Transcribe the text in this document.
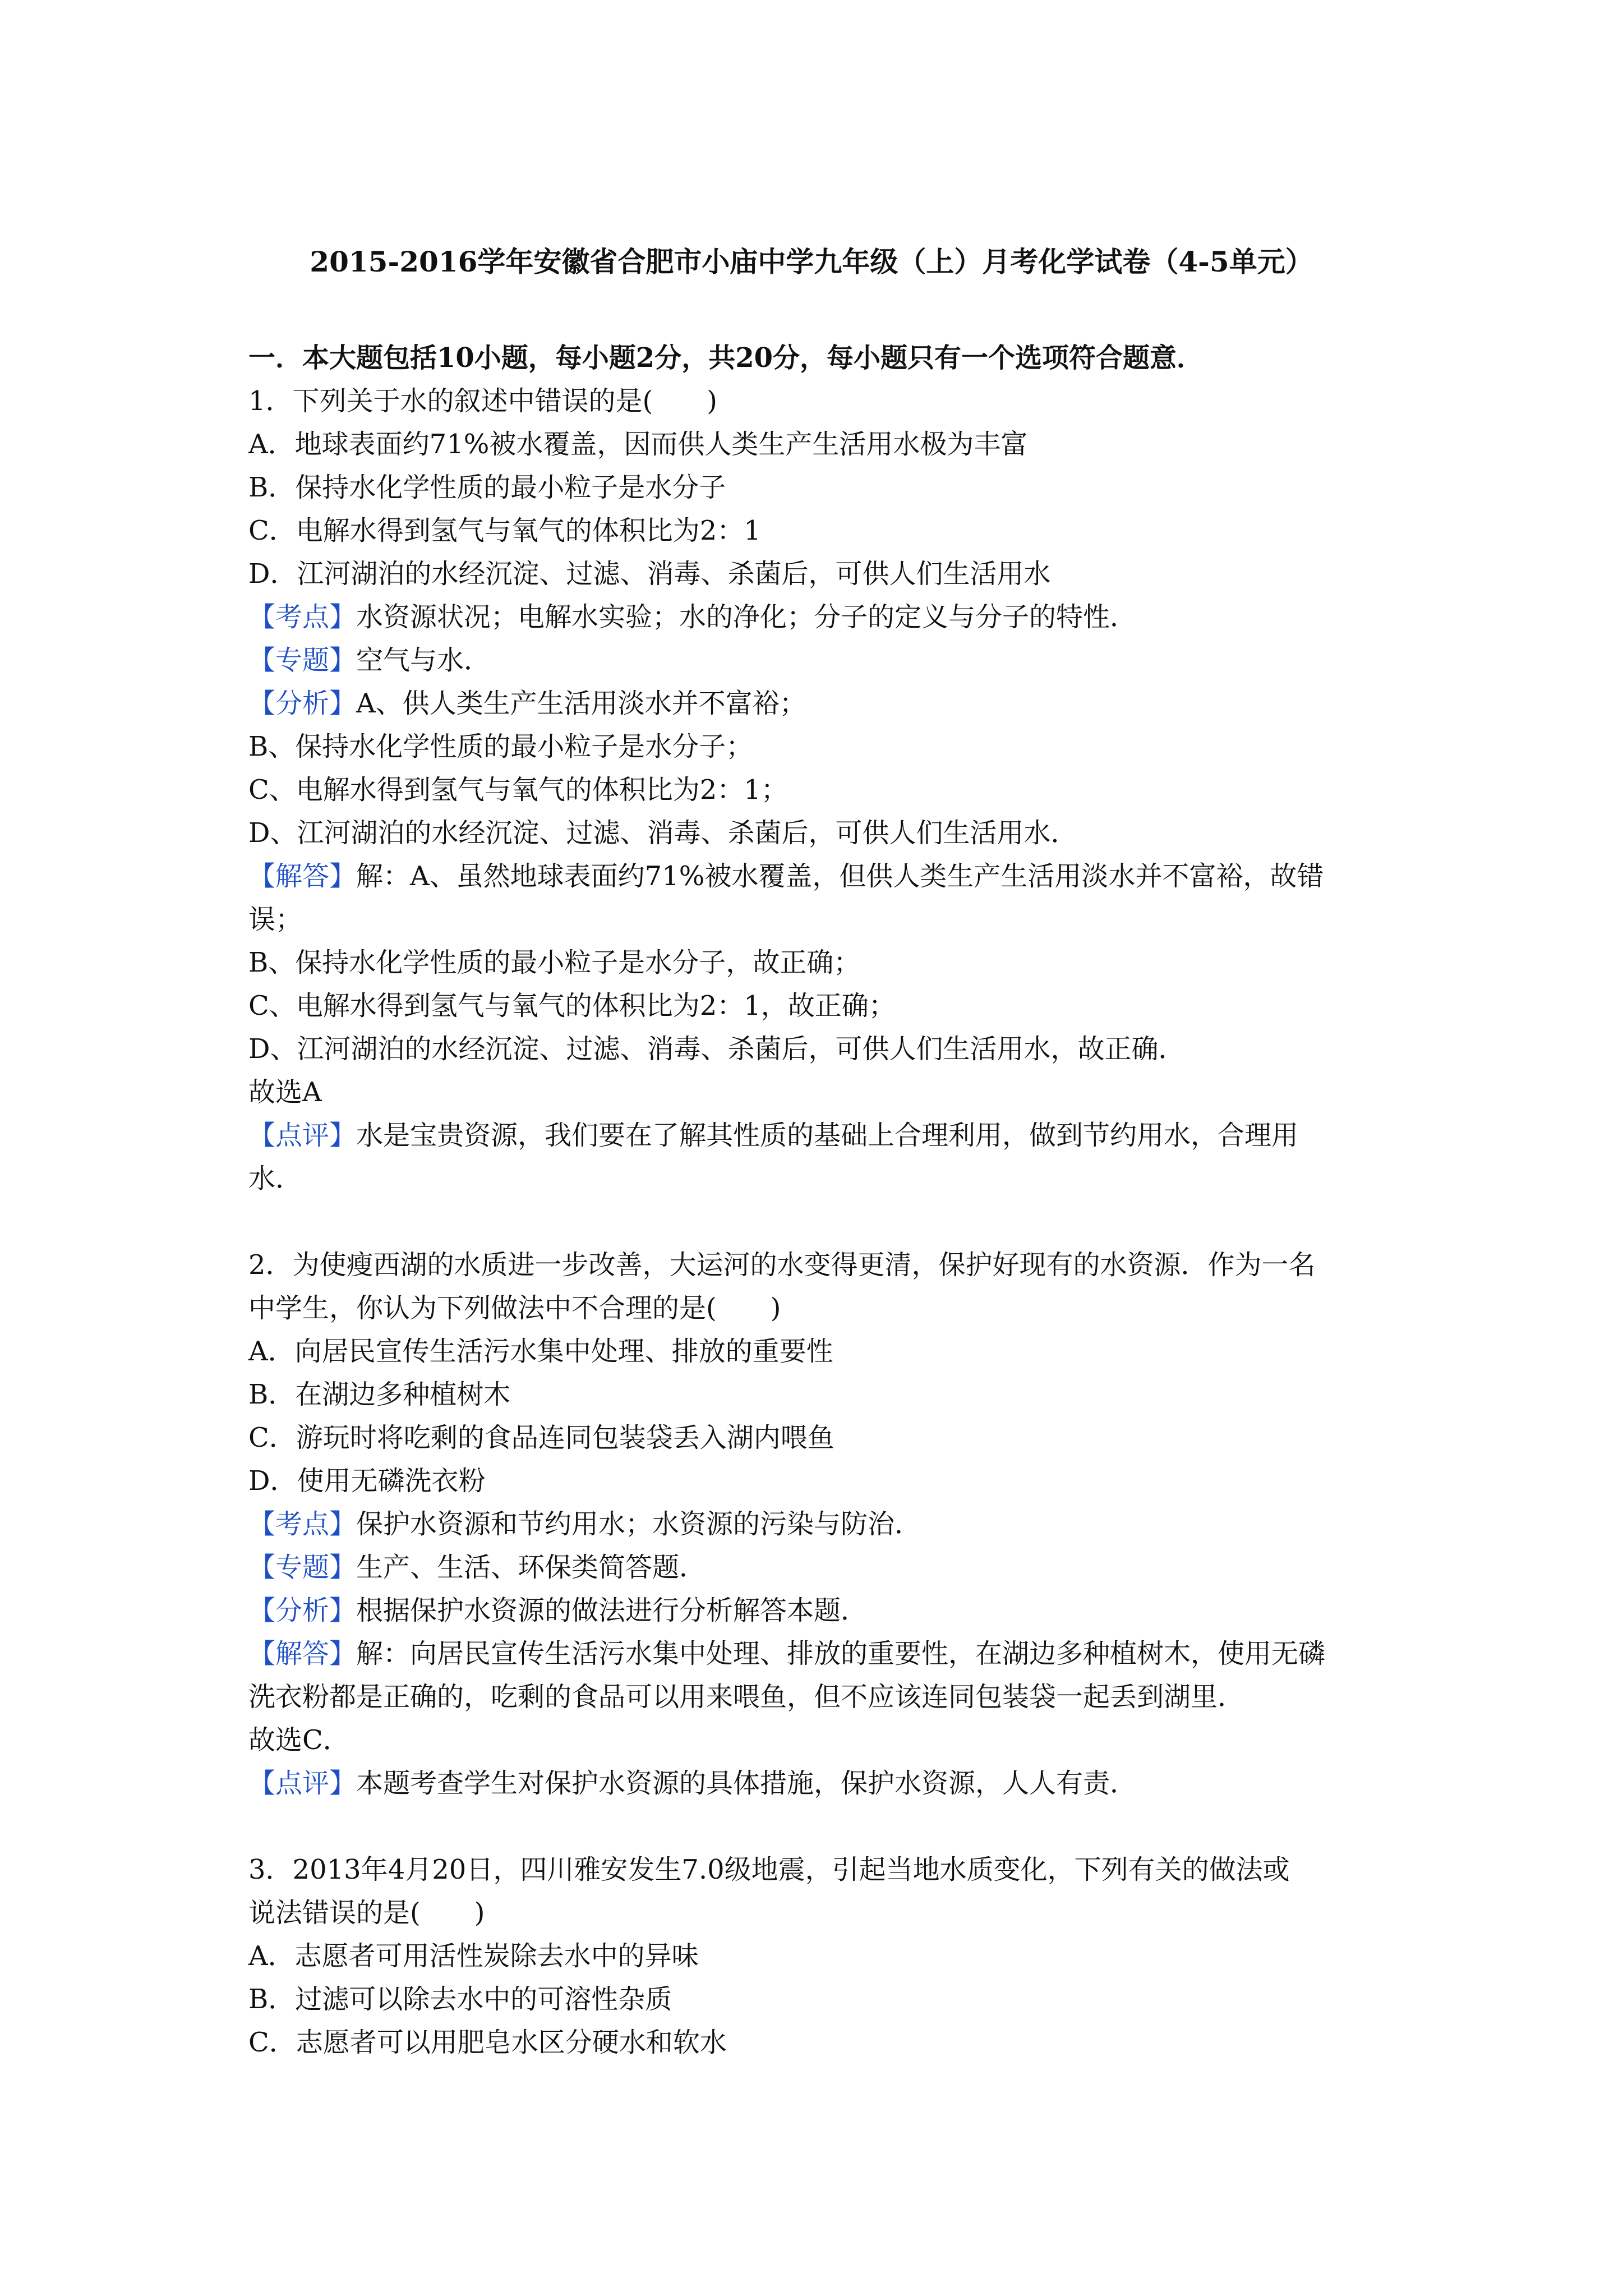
2015-2016学年安徽省合肥市小庙中学九年级（上）月考化学试卷（4-5单元）
一．本大题包括10小题，每小题2分，共20分，每小题只有一个选项符合题意．
1．下列关于水的叙述中错误的是(　　)
A．地球表面约71%被水覆盖，因而供人类生产生活用水极为丰富
B．保持水化学性质的最小粒子是水分子
C．电解水得到氢气与氧气的体积比为2：1
D．江河湖泊的水经沉淀、过滤、消毒、杀菌后，可供人们生活用水
【考点】水资源状况；电解水实验；水的净化；分子的定义与分子的特性．
【专题】空气与水．
【分析】A、供人类生产生活用淡水并不富裕；
B、保持水化学性质的最小粒子是水分子；
C、电解水得到氢气与氧气的体积比为2：1；
D、江河湖泊的水经沉淀、过滤、消毒、杀菌后，可供人们生活用水．
【解答】解：A、虽然地球表面约71%被水覆盖，但供人类生产生活用淡水并不富裕，故错
误；
B、保持水化学性质的最小粒子是水分子，故正确；
C、电解水得到氢气与氧气的体积比为2：1，故正确；
D、江河湖泊的水经沉淀、过滤、消毒、杀菌后，可供人们生活用水，故正确．
故选A
【点评】水是宝贵资源，我们要在了解其性质的基础上合理利用，做到节约用水，合理用
水．
2．为使瘦西湖的水质进一步改善，大运河的水变得更清，保护好现有的水资源．作为一名
中学生，你认为下列做法中不合理的是(　　)
A．向居民宣传生活污水集中处理、排放的重要性
B．在湖边多种植树木
C．游玩时将吃剩的食品连同包装袋丢入湖内喂鱼
D．使用无磷洗衣粉
【考点】保护水资源和节约用水；水资源的污染与防治．
【专题】生产、生活、环保类简答题．
【分析】根据保护水资源的做法进行分析解答本题．
【解答】解：向居民宣传生活污水集中处理、排放的重要性，在湖边多种植树木，使用无磷
洗衣粉都是正确的，吃剩的食品可以用来喂鱼，但不应该连同包装袋一起丢到湖里．
故选C．
【点评】本题考查学生对保护水资源的具体措施，保护水资源，人人有责．
3．2013年4月20日，四川雅安发生7.0级地震，引起当地水质变化，下列有关的做法或
说法错误的是(　　)
A．志愿者可用活性炭除去水中的异味
B．过滤可以除去水中的可溶性杂质
C．志愿者可以用肥皂水区分硬水和软水
